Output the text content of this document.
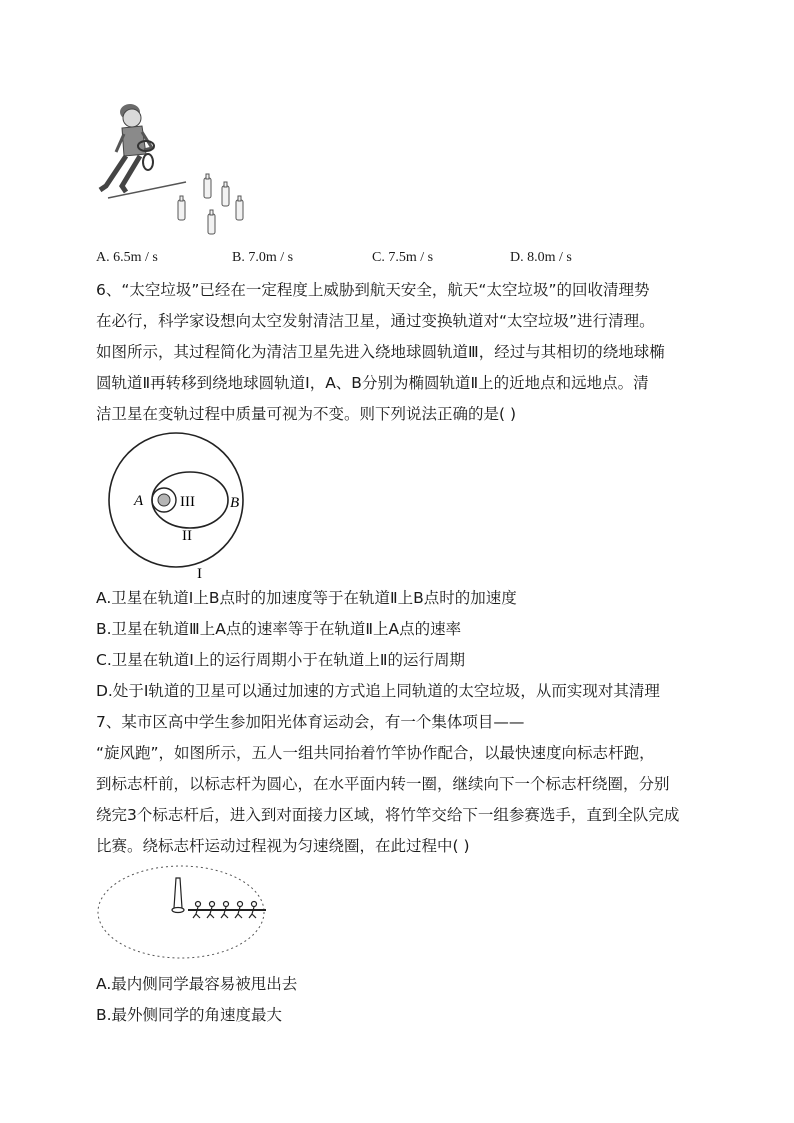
A. 6.5m / s	B. 7.0m / s	C. 7.5m / s	D. 8.0m / s
6、“太空垃圾”已经在一定程度上威胁到航天安全，航天“太空垃圾”的回收清理势
在必行，科学家设想向太空发射清洁卫星，通过变换轨道对“太空垃圾”进行清理。
如图所示，其过程简化为清洁卫星先进入绕地球圆轨道Ⅲ，经过与其相切的绕地球椭
圆轨道Ⅱ再转移到绕地球圆轨道Ⅰ，A、B分别为椭圆轨道Ⅱ上的近地点和远地点。清
洁卫星在变轨过程中质量可视为不变。则下列说法正确的是( )
A	B
III
II
I
A.卫星在轨道Ⅰ上B点时的加速度等于在轨道Ⅱ上B点时的加速度
B.卫星在轨道Ⅲ上A点的速率等于在轨道Ⅱ上A点的速率
C.卫星在轨道Ⅰ上的运行周期小于在轨道上Ⅱ的运行周期
D.处于Ⅰ轨道的卫星可以通过加速的方式追上同轨道的太空垃圾，从而实现对其清理
7、某市区高中学生参加阳光体育运动会，有一个集体项目——
“旋风跑”，如图所示，五人一组共同抬着竹竿协作配合，以最快速度向标志杆跑，
到标志杆前，以标志杆为圆心，在水平面内转一圈，继续向下一个标志杆绕圈，分别
绕完3个标志杆后，进入到对面接力区域，将竹竿交给下一组参赛选手，直到全队完成
比赛。绕标志杆运动过程视为匀速绕圈，在此过程中( )
A.最内侧同学最容易被甩出去
B.最外侧同学的角速度最大
